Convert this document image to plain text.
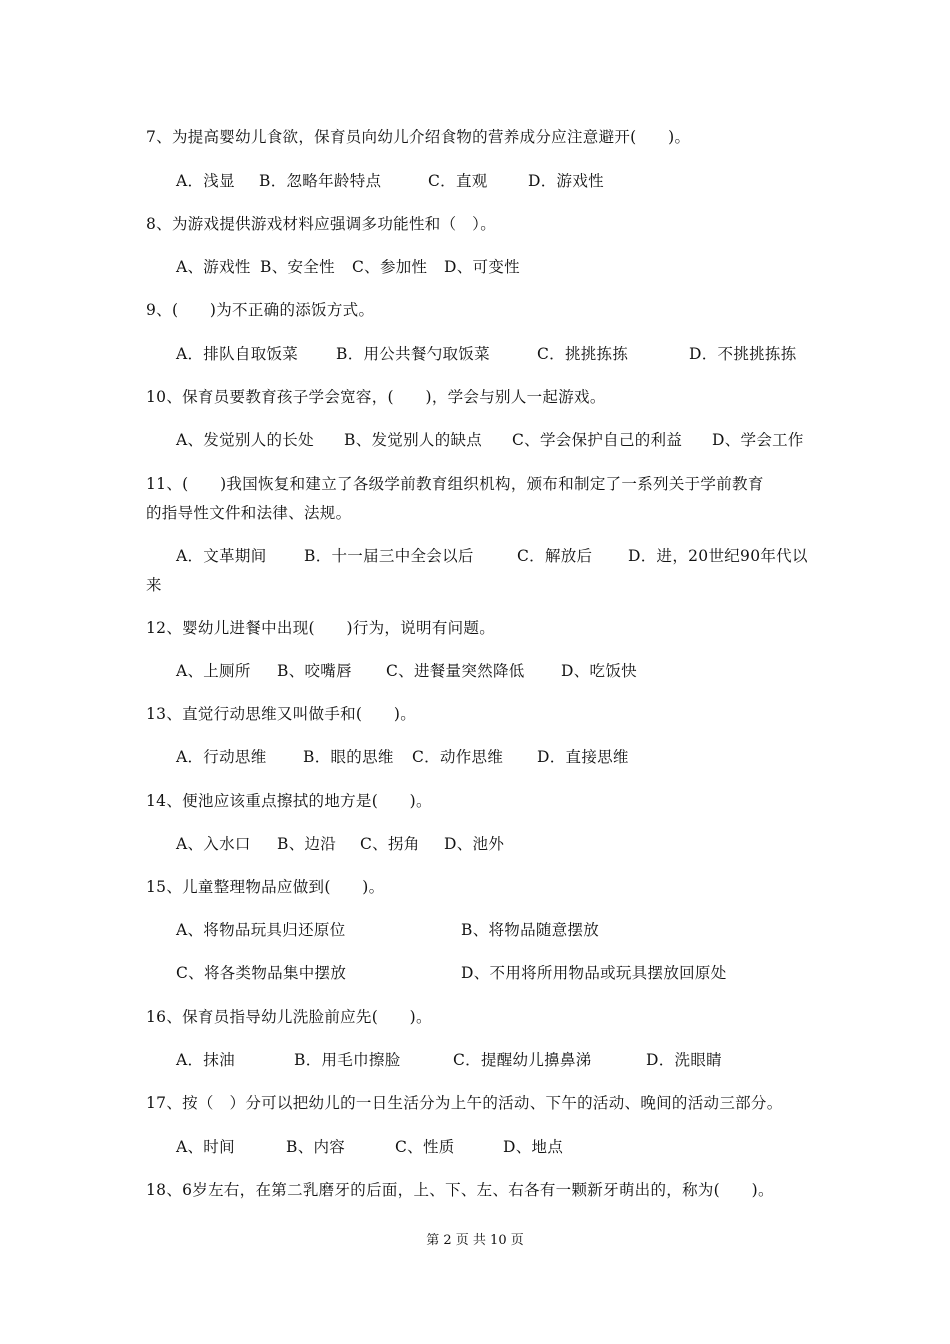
7、为提高婴幼儿食欲，保育员向幼儿介绍食物的营养成分应注意避开(　　)。
A．浅显 B．忽略年龄特点	C．直观	D．游戏性
8、为游戏提供游戏材料应强调多功能性和（　）。
A、游戏性 B、安全性 C、参加性 D、可变性
9、(　　)为不正确的添饭方式。
A．排队自取饭菜 B．用公共餐勺取饭菜	C．挑挑拣拣	D．不挑挑拣拣
10、保育员要教育孩子学会宽容，(　　)，学会与别人一起游戏。
A、发觉别人的长处 B、发觉别人的缺点 C、学会保护自己的利益 D、学会工作
11、(　　)我国恢复和建立了各级学前教育组织机构，颁布和制定了一系列关于学前教育
的指导性文件和法律、法规。
A．文革期间 B．十一届三中全会以后	C．解放后 D．进，20世纪90年代以
来
12、婴幼儿进餐中出现(　　)行为，说明有问题。
A、上厕所 B、咬嘴唇 C、进餐量突然降低 D、吃饭快
13、直觉行动思维又叫做手和(　　)。
A．行动思维 B．眼的思维 C．动作思维 D．直接思维
14、便池应该重点擦拭的地方是(　　)。
A、入水口 B、边沿 C、拐角 D、池外
15、儿童整理物品应做到(　　)。
A、将物品玩具归还原位	B、将物品随意摆放
C、将各类物品集中摆放	D、不用将所用物品或玩具摆放回原处
16、保育员指导幼儿洗脸前应先(　　)。
A．抹油	B．用毛巾擦脸	C．提醒幼儿擤鼻涕	D．洗眼睛
17、按（　）分可以把幼儿的一日生活分为上午的活动、下午的活动、晚间的活动三部分。
A、时间	B、内容	C、性质	D、地点
18、6岁左右，在第二乳磨牙的后面，上、下、左、右各有一颗新牙萌出的，称为(　　)。
第 2 页 共 10 页
